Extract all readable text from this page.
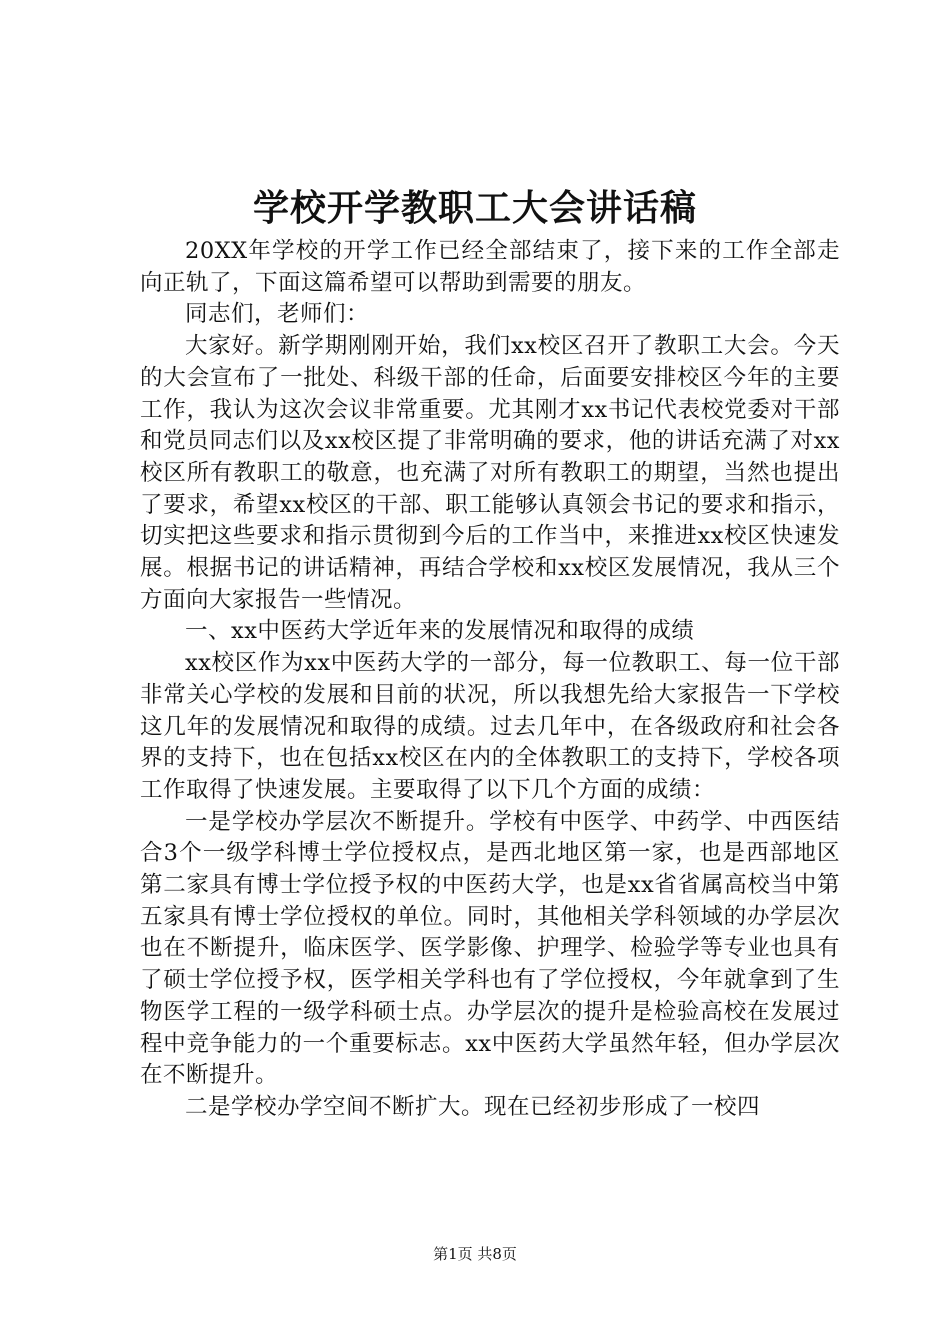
学校开学教职工大会讲话稿

20XX年学校的开学工作已经全部结束了，接下来的工作全部走向正轨了，下面这篇希望可以帮助到需要的朋友。

同志们，老师们：

大家好。新学期刚刚开始，我们xx校区召开了教职工大会。今天的大会宣布了一批处、科级干部的任命，后面要安排校区今年的主要工作，我认为这次会议非常重要。尤其刚才xx书记代表校党委对干部和党员同志们以及xx校区提了非常明确的要求，他的讲话充满了对xx校区所有教职工的敬意，也充满了对所有教职工的期望，当然也提出了要求，希望xx校区的干部、职工能够认真领会书记的要求和指示，切实把这些要求和指示贯彻到今后的工作当中，来推进xx校区快速发展。根据书记的讲话精神，再结合学校和xx校区发展情况，我从三个方面向大家报告一些情况。

一、xx中医药大学近年来的发展情况和取得的成绩

xx校区作为xx中医药大学的一部分，每一位教职工、每一位干部非常关心学校的发展和目前的状况，所以我想先给大家报告一下学校这几年的发展情况和取得的成绩。过去几年中，在各级政府和社会各界的支持下，也在包括xx校区在内的全体教职工的支持下，学校各项工作取得了快速发展。主要取得了以下几个方面的成绩：

一是学校办学层次不断提升。学校有中医学、中药学、中西医结合3个一级学科博士学位授权点，是西北地区第一家，也是西部地区第二家具有博士学位授予权的中医药大学，也是xx省省属高校当中第五家具有博士学位授权的单位。同时，其他相关学科领域的办学层次也在不断提升，临床医学、医学影像、护理学、检验学等专业也具有了硕士学位授予权，医学相关学科也有了学位授权，今年就拿到了生物医学工程的一级学科硕士点。办学层次的提升是检验高校在发展过程中竞争能力的一个重要标志。xx中医药大学虽然年轻，但办学层次在不断提升。

二是学校办学空间不断扩大。现在已经初步形成了一校四

第1页 共8页
